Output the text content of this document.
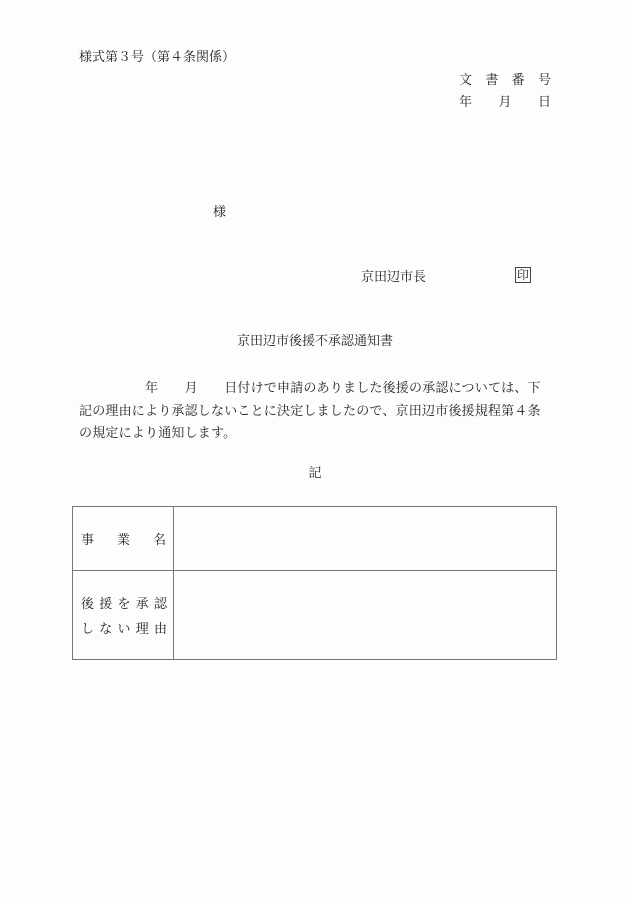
様式第３号（第４条関係）
文 書 番 号
年 月 日
様
京田辺市長	印
京田辺市後援不承認通知書

　　　　　年　　月　　日付けで申請のありました後援の承認については、下

記の理由により承認しないことに決定しましたので、京田辺市後援規程第４条

の規定により通知します。

記
事 業 名	

後 援 を 承 認
し な い 理 由
